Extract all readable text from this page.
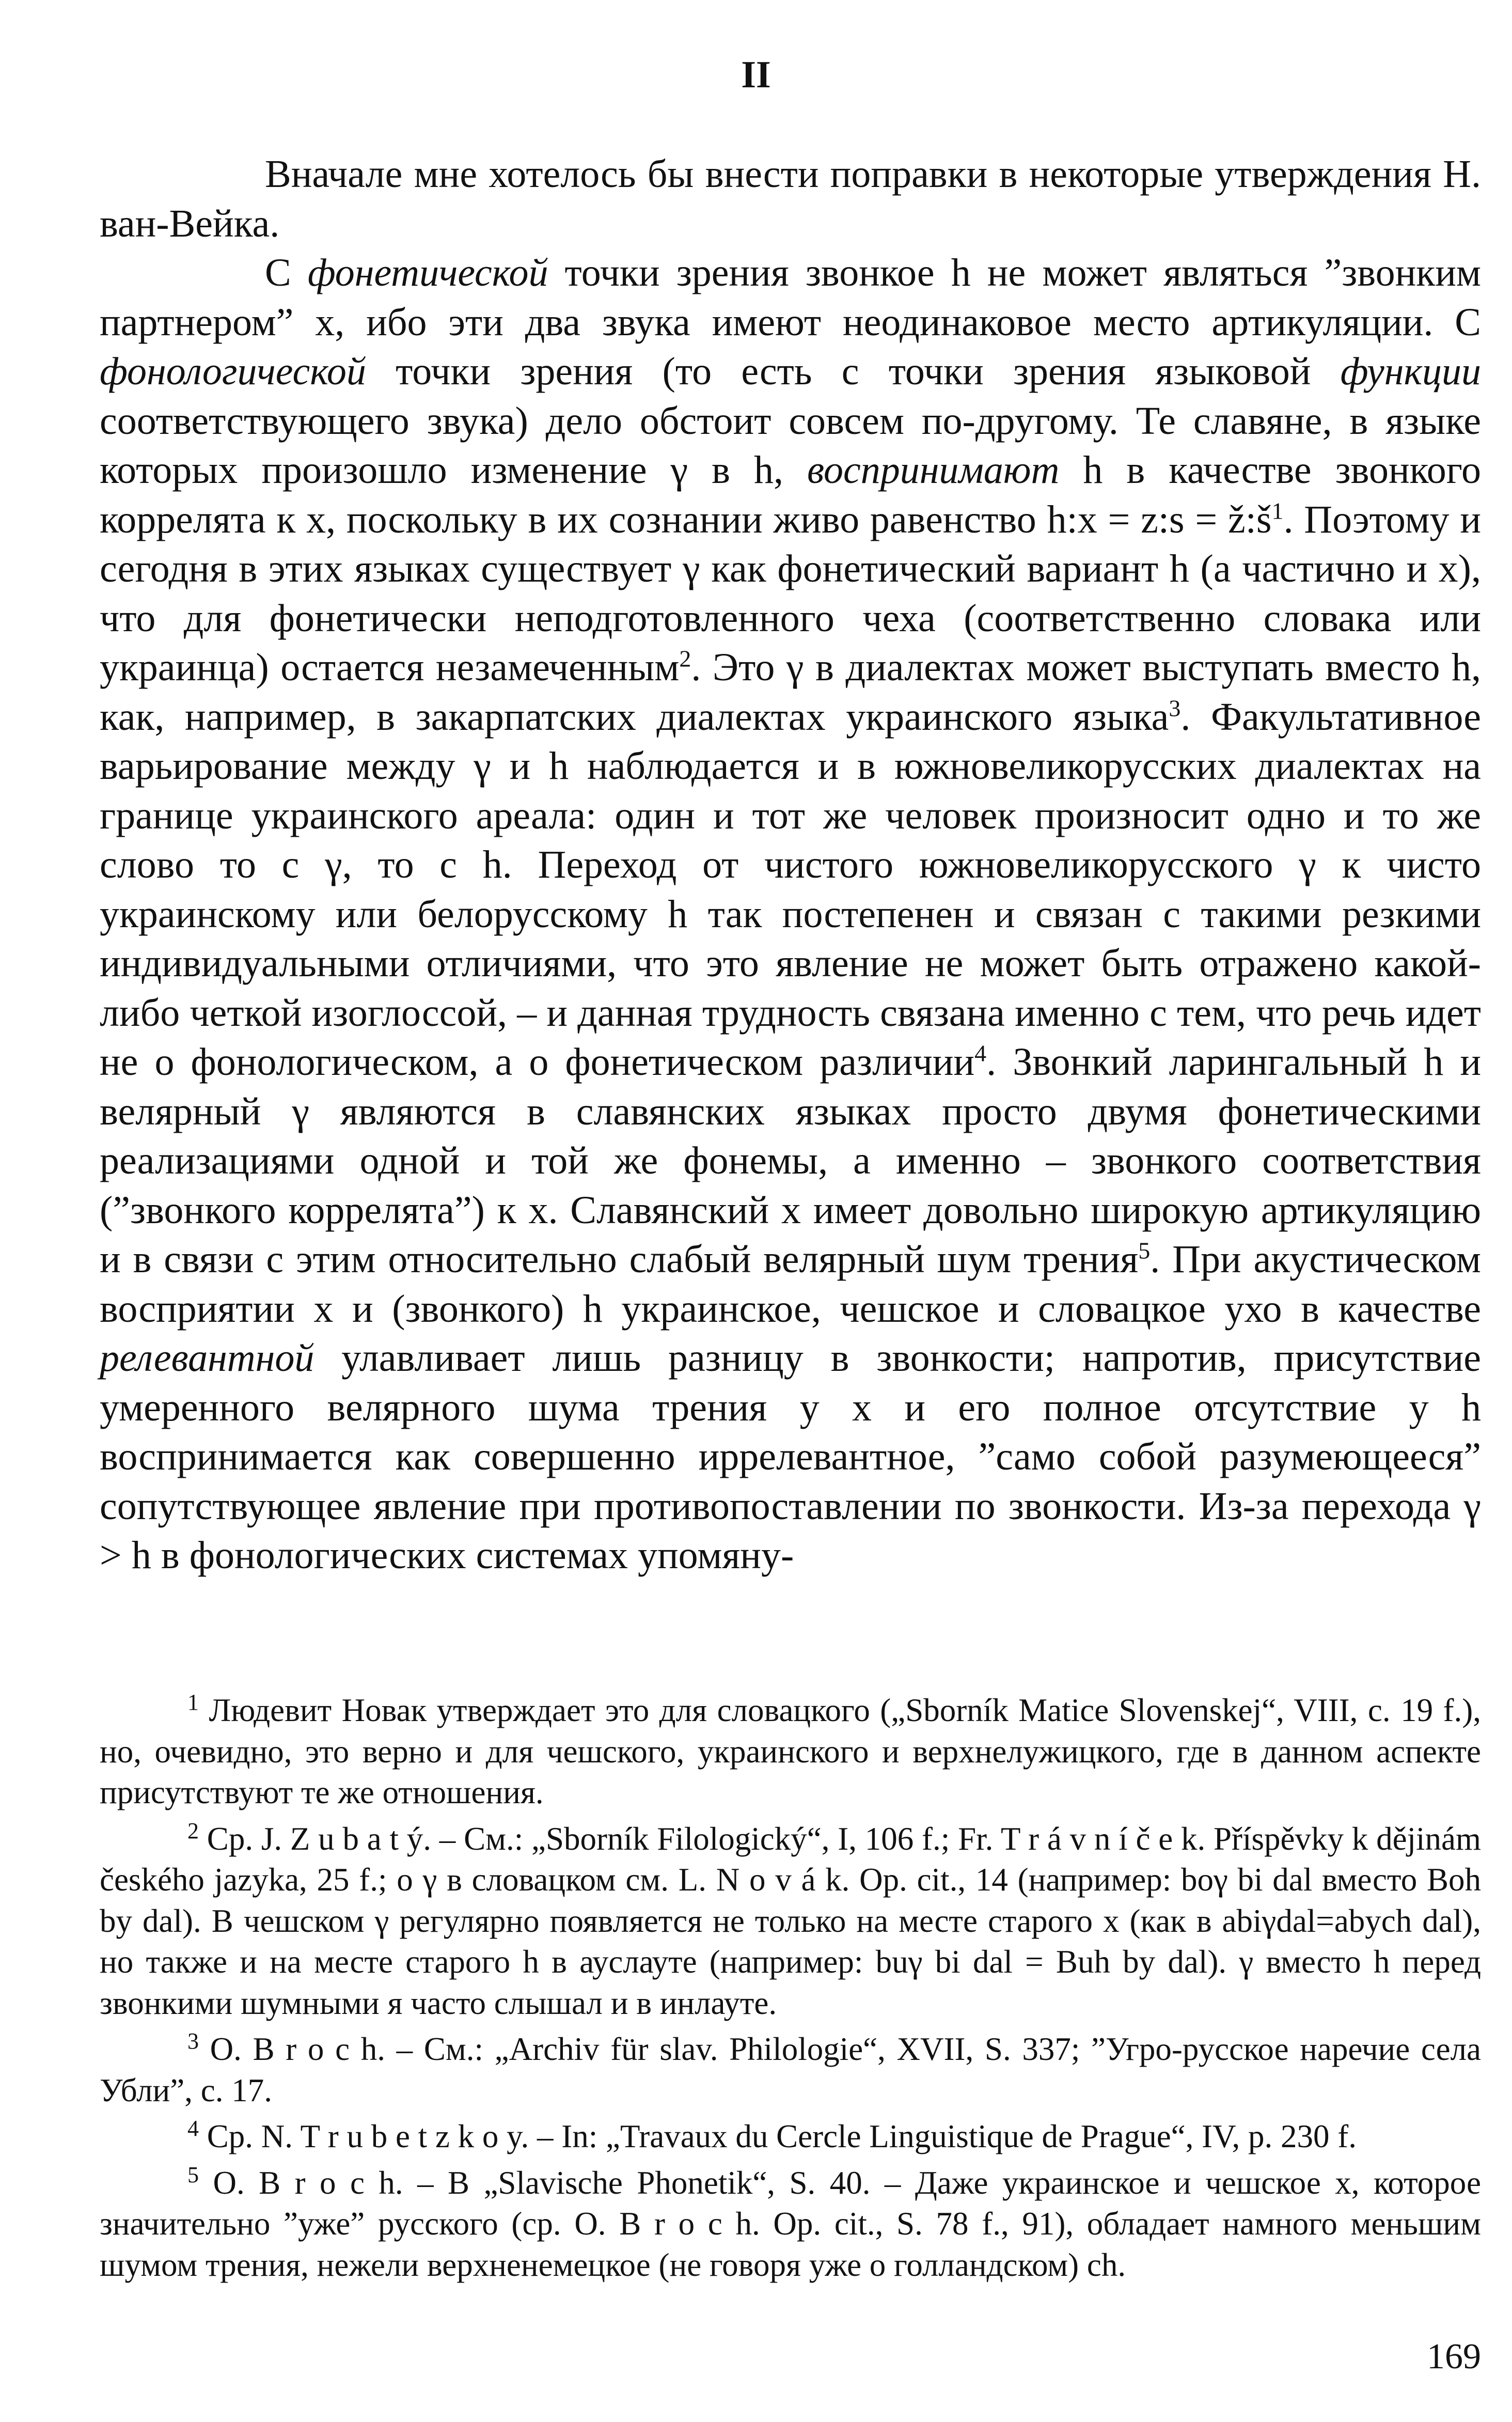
II

Вначале мне хотелось бы внести поправки в некоторые утверждения Н. ван-Вейка.

С фонетической точки зрения звонкое h не может являться ”звонким партнером” x, ибо эти два звука имеют неодинаковое место артикуляции. С фонологической точки зрения (то есть с точки зрения языковой функции соответствующего звука) дело обстоит совсем по-другому. Те славяне, в языке которых произошло изменение γ в h, воспринимают h в качестве звонкого коррелята к x, поскольку в их сознании живо равенство h:x = z:s = $ž:š^1$. Поэтому и сегодня в этих языках существует γ как фонетический вариант h (а частично и x), что для фонетически неподготовленного чеха (соответственно словака или украинца) остается незамеченным$^2$. Это γ в диалектах может выступать вместо h, как, например, в закарпатских диалектах украинского языка$^3$. Факультативное варьирование между γ и h наблюдается и в южновеликорусских диалектах на границе украинского ареала: один и тот же человек произносит одно и то же слово то с γ, то с h. Переход от чистого южновеликорусского γ к чисто украинскому или белорусскому h так постепенен и связан с такими резкими индивидуальными отличиями, что это явление не может быть отражено какой-либо четкой изоглоссой, – и данная трудность связана именно с тем, что речь идет не о фонологическом, а о фонетическом различии$^4$. Звонкий ларингальный h и велярный γ являются в славянских языках просто двумя фонетическими реализациями одной и той же фонемы, а именно – звонкого соответствия (”звонкого коррелята”) к x. Славянский x имеет довольно широкую артикуляцию и в связи с этим относительно слабый велярный шум трения$^5$. При акустическом восприятии x и (звонкого) h украинское, чешское и словацкое ухо в качестве релевантной улавливает лишь разницу в звонкости; напротив, присутствие умеренного велярного шума трения у x и его полное отсутствие у h воспринимается как совершенно иррелевантное, ”само собой разумеющееся” сопутствующее явление при противопоставлении по звонкости. Из-за перехода γ > h в фонологических системах упомяну-

$^1$ Людевит Новак утверждает это для словацкого („Sborník Matice Slovenskej“, VIII, с. 19 f.), но, очевидно, это верно и для чешского, украинского и верхнелужицкого, где в данном аспекте присутствуют те же отношения.

$^2$ Ср. J. Z u b a t ý. – См.: „Sborník Filologický“, I, 106 f.; Fr. T r á v n í č e k. Příspěvky k dějinám českého jazyka, 25 f.; о γ в словацком см. L. N o v á k. Op. cit., 14 (например: boγ bi dal вместо Boh by dal). В чешском γ регулярно появляется не только на месте старого x (как в abiγdal=abych dal), но также и на месте старого h в ауслауте (например: buγ bi dal = Buh by dal). γ вместо h перед звонкими шумными я часто слышал и в инлауте.

$^3$ O. B r o c h. – См.: „Archiv für slav. Philologie“, XVII, S. 337; ”Угро-русское наречие села Убли”, с. 17.

$^4$ Ср. N. T r u b e t z k o y. – In: „Travaux du Cercle Linguistique de Prague“, IV, p. 230 f.

$^5$ O. B r o c h. – В „Slavische Phonetik“, S. 40. – Даже украинское и чешское x, которое значительно ”уже” русского (ср. O. B r o c h. Op. cit., S. 78 f., 91), обладает намного меньшим шумом трения, нежели верхненемецкое (не говоря уже о голландском) ch.

169
